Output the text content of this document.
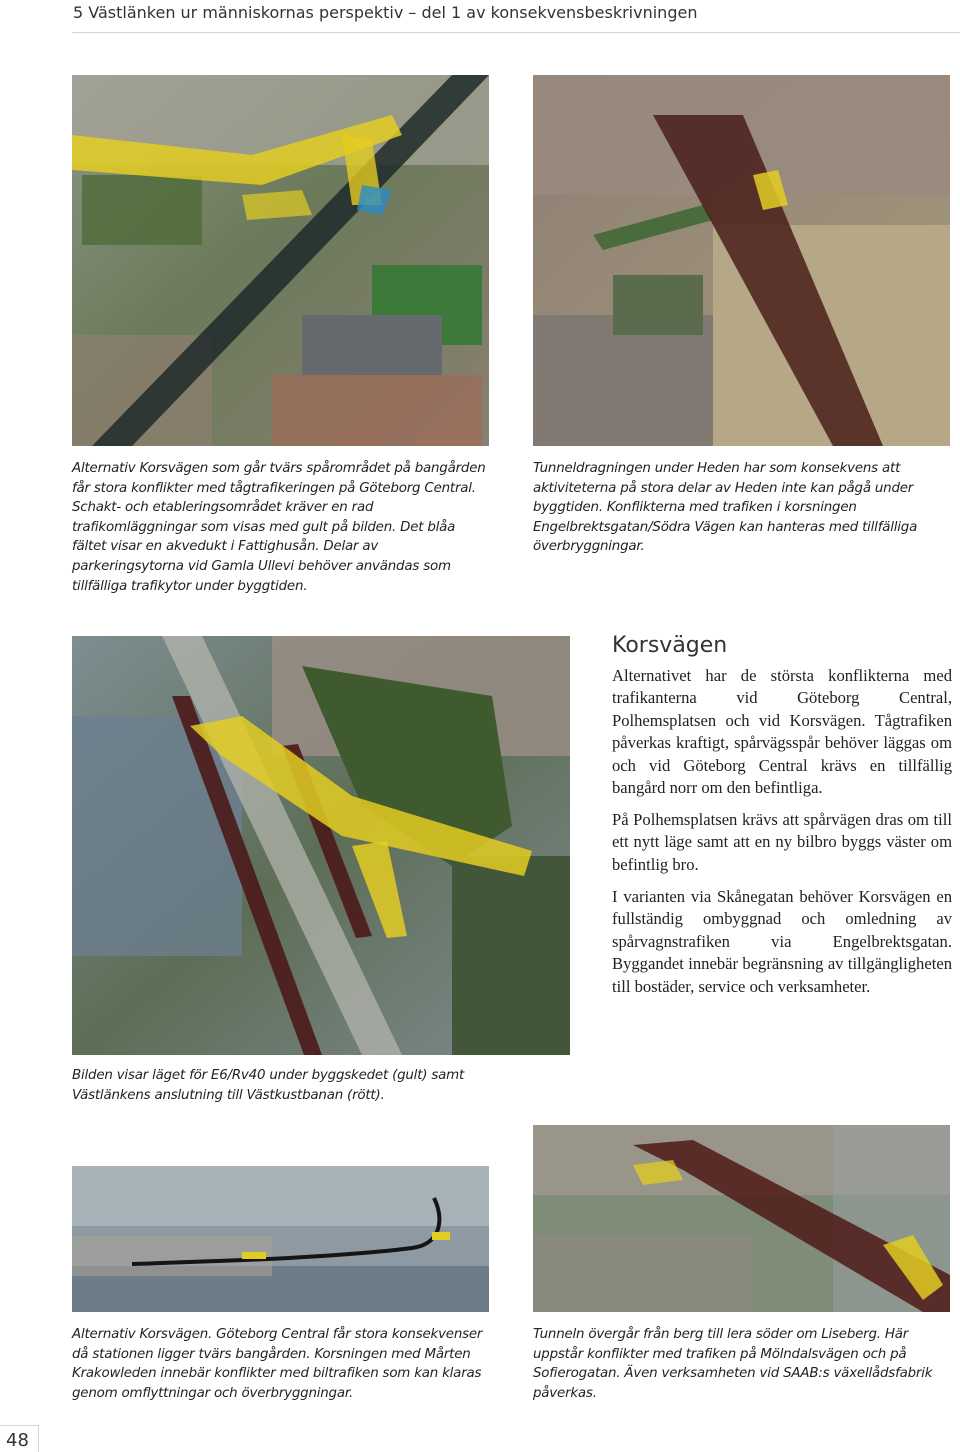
5 Västlänken ur människornas perspektiv – del 1 av konsekvensbeskrivningen
Alternativ Korsvägen som går tvärs spårområdet på bangården får stora konflikter med tågtrafikeringen på Göteborg Central. Schakt- och etableringsområdet kräver en rad trafikomläggningar som visas med gult på bilden. Det blåa fältet visar en akvedukt i Fattighusån. Delar av parkeringsytorna vid Gamla Ullevi behöver användas som tillfälliga trafikytor under byggtiden.
Tunneldragningen under Heden har som konsekvens att aktiviteterna på stora delar av Heden inte kan pågå under byggtiden. Konflikterna med trafiken i korsningen Engelbrektsgatan/Södra Vägen kan hanteras med tillfälliga överbryggningar.
Bilden visar läget för E6/Rv40 under byggskedet (gult) samt Västlänkens anslutning till Västkustbanan (rött).
Korsvägen

Alternativet har de största konflikterna med trafikanterna vid Göteborg Central, Polhemsplatsen och vid Korsvägen. Tågtrafiken påverkas kraftigt, spårvägsspår behöver läggas om och vid Göteborg Central krävs en tillfällig bangård norr om den befintliga.

På Polhemsplatsen krävs att spårvägen dras om till ett nytt läge samt att en ny bilbro byggs väster om befintlig bro.

I varianten via Skånegatan behöver Korsvägen en fullständig ombyggnad och omledning av spårvagnstrafiken via Engelbrektsgatan. Byggandet innebär begränsning av tillgängligheten till bostäder, service och verksamheter.

Alternativ Korsvägen. Göteborg Central får stora konsekvenser då stationen ligger tvärs bangården. Korsningen med Mårten Krakowleden innebär konflikter med biltrafiken som kan klaras genom omflyttningar och överbryggningar.
Tunneln övergår från berg till lera söder om Liseberg. Här uppstår konflikter med trafiken på Mölndalsvägen och på Sofierogatan. Även verksamheten vid SAAB:s växellådsfabrik påverkas.
48
